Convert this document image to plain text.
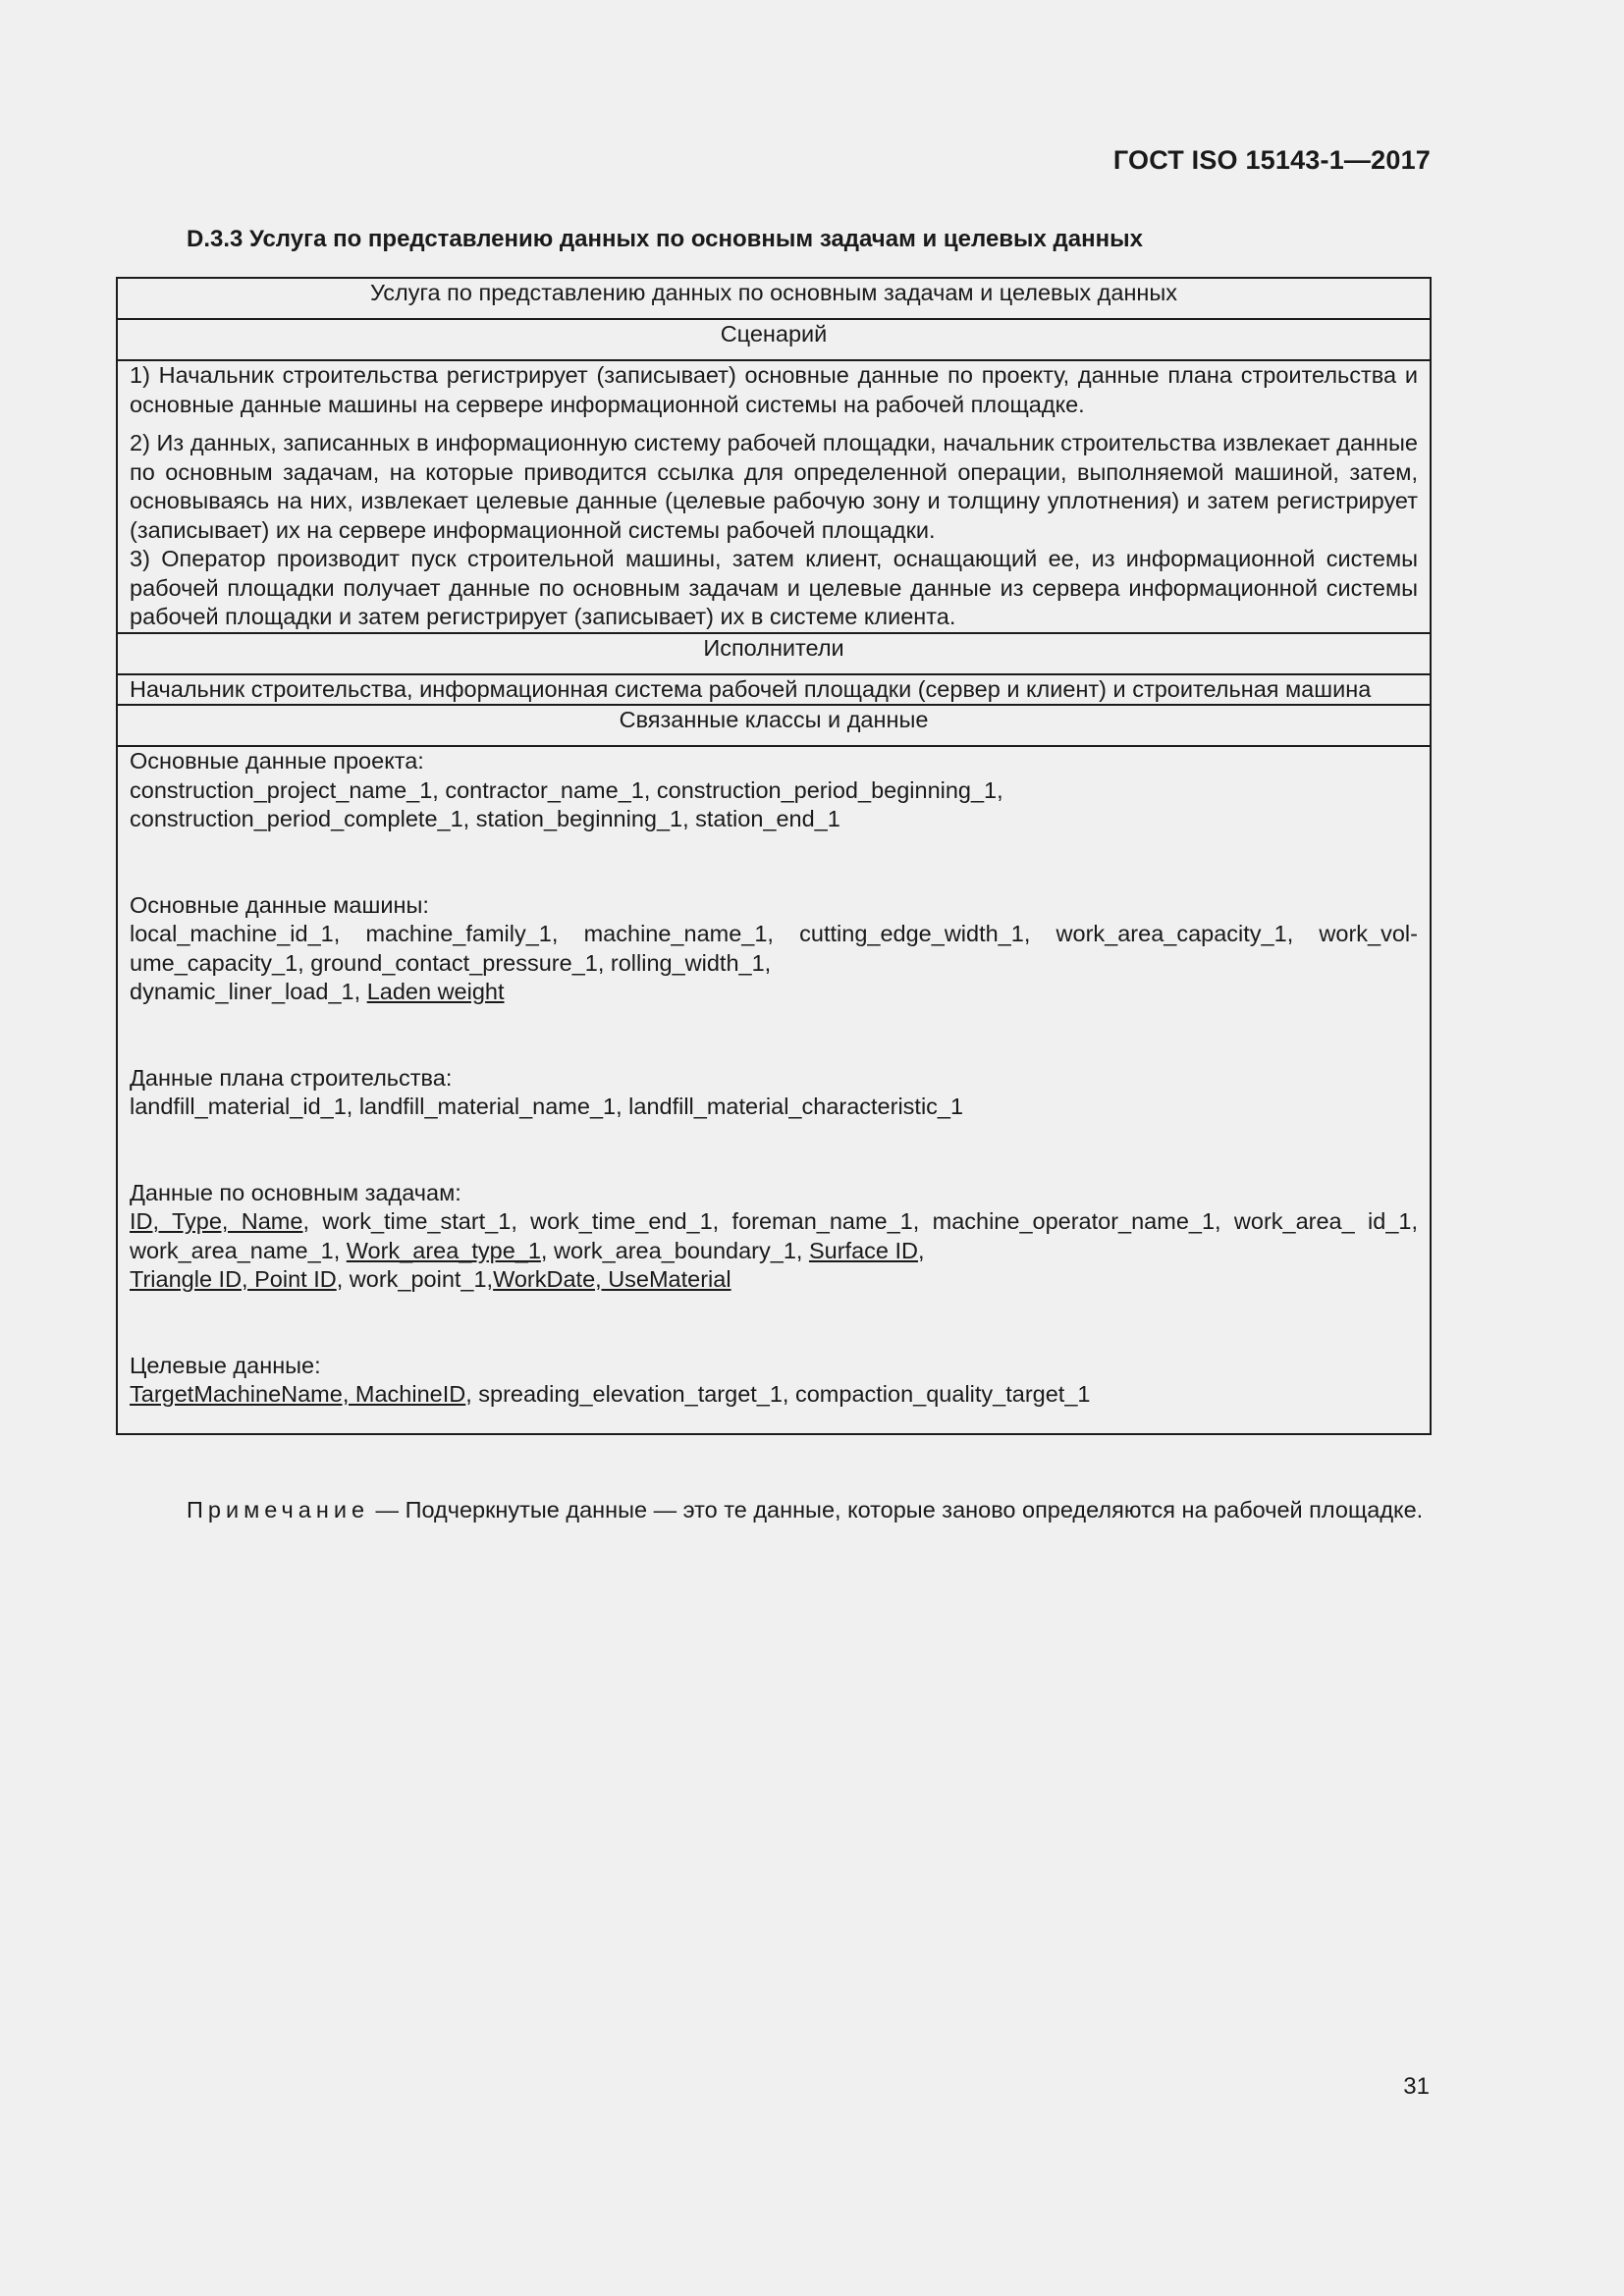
ГОСТ ISO 15143-1—2017
D.3.3 Услуга по представлению данных по основным задачам и целевых данных
Услуга по представлению данных по основным задачам и целевых данных
Сценарий

1) Начальник строительства регистрирует (записывает) основные данные по проекту, данные плана строительства и основные данные машины на сервере информационной системы на рабочей площадке.

2) Из данных, записанных в информационную систему рабочей площадки, начальник строительства извлекает данные по основным задачам, на которые приводится ссылка для определенной операции, выполняемой машиной, затем, основываясь на них, извлекает целевые данные (целевые рабочую зону и толщину уплотнения) и затем регистрирует (записывает) их на сервере информационной системы рабочей площадки.

3) Оператор производит пуск строительной машины, затем клиент, оснащающий ее, из информационной системы рабочей площадки получает данные по основным задачам и целевые данные из сервера информационной системы рабочей площадки и затем регистрирует (записывает) их в системе клиента.

Исполнители
Начальник строительства, информационная система рабочей площадки (сервер и клиент) и строительная машина
Связанные классы и данные

Основные данные проекта:

construction_project_name_1, contractor_name_1, construction_period_beginning_1,

construction_period_complete_1, station_beginning_1, station_end_1

Основные данные машины:

local_machine_id_1, machine_family_1, machine_name_1, cutting_edge_width_1, work_area_capacity_1, work_volume_capacity_1, ground_contact_pressure_1, rolling_width_1,

dynamic_liner_load_1, Laden weight

Данные плана строительства:

landfill_material_id_1, landfill_material_name_1, landfill_material_characteristic_1

Данные по основным задачам:

ID, Type, Name, work_time_start_1, work_time_end_1, foreman_name_1, machine_operator_name_1, work_area_ id_1, work_area_name_1, Work_area_type_1, work_area_boundary_1, Surface ID,

Triangle ID, Point ID, work_point_1,WorkDate, UseMaterial

Целевые данные:

TargetMachineName, MachineID, spreading_elevation_target_1, compaction_quality_target_1

Примечание — Подчеркнутые данные — это те данные, которые заново определяются на рабочей площадке.
31
